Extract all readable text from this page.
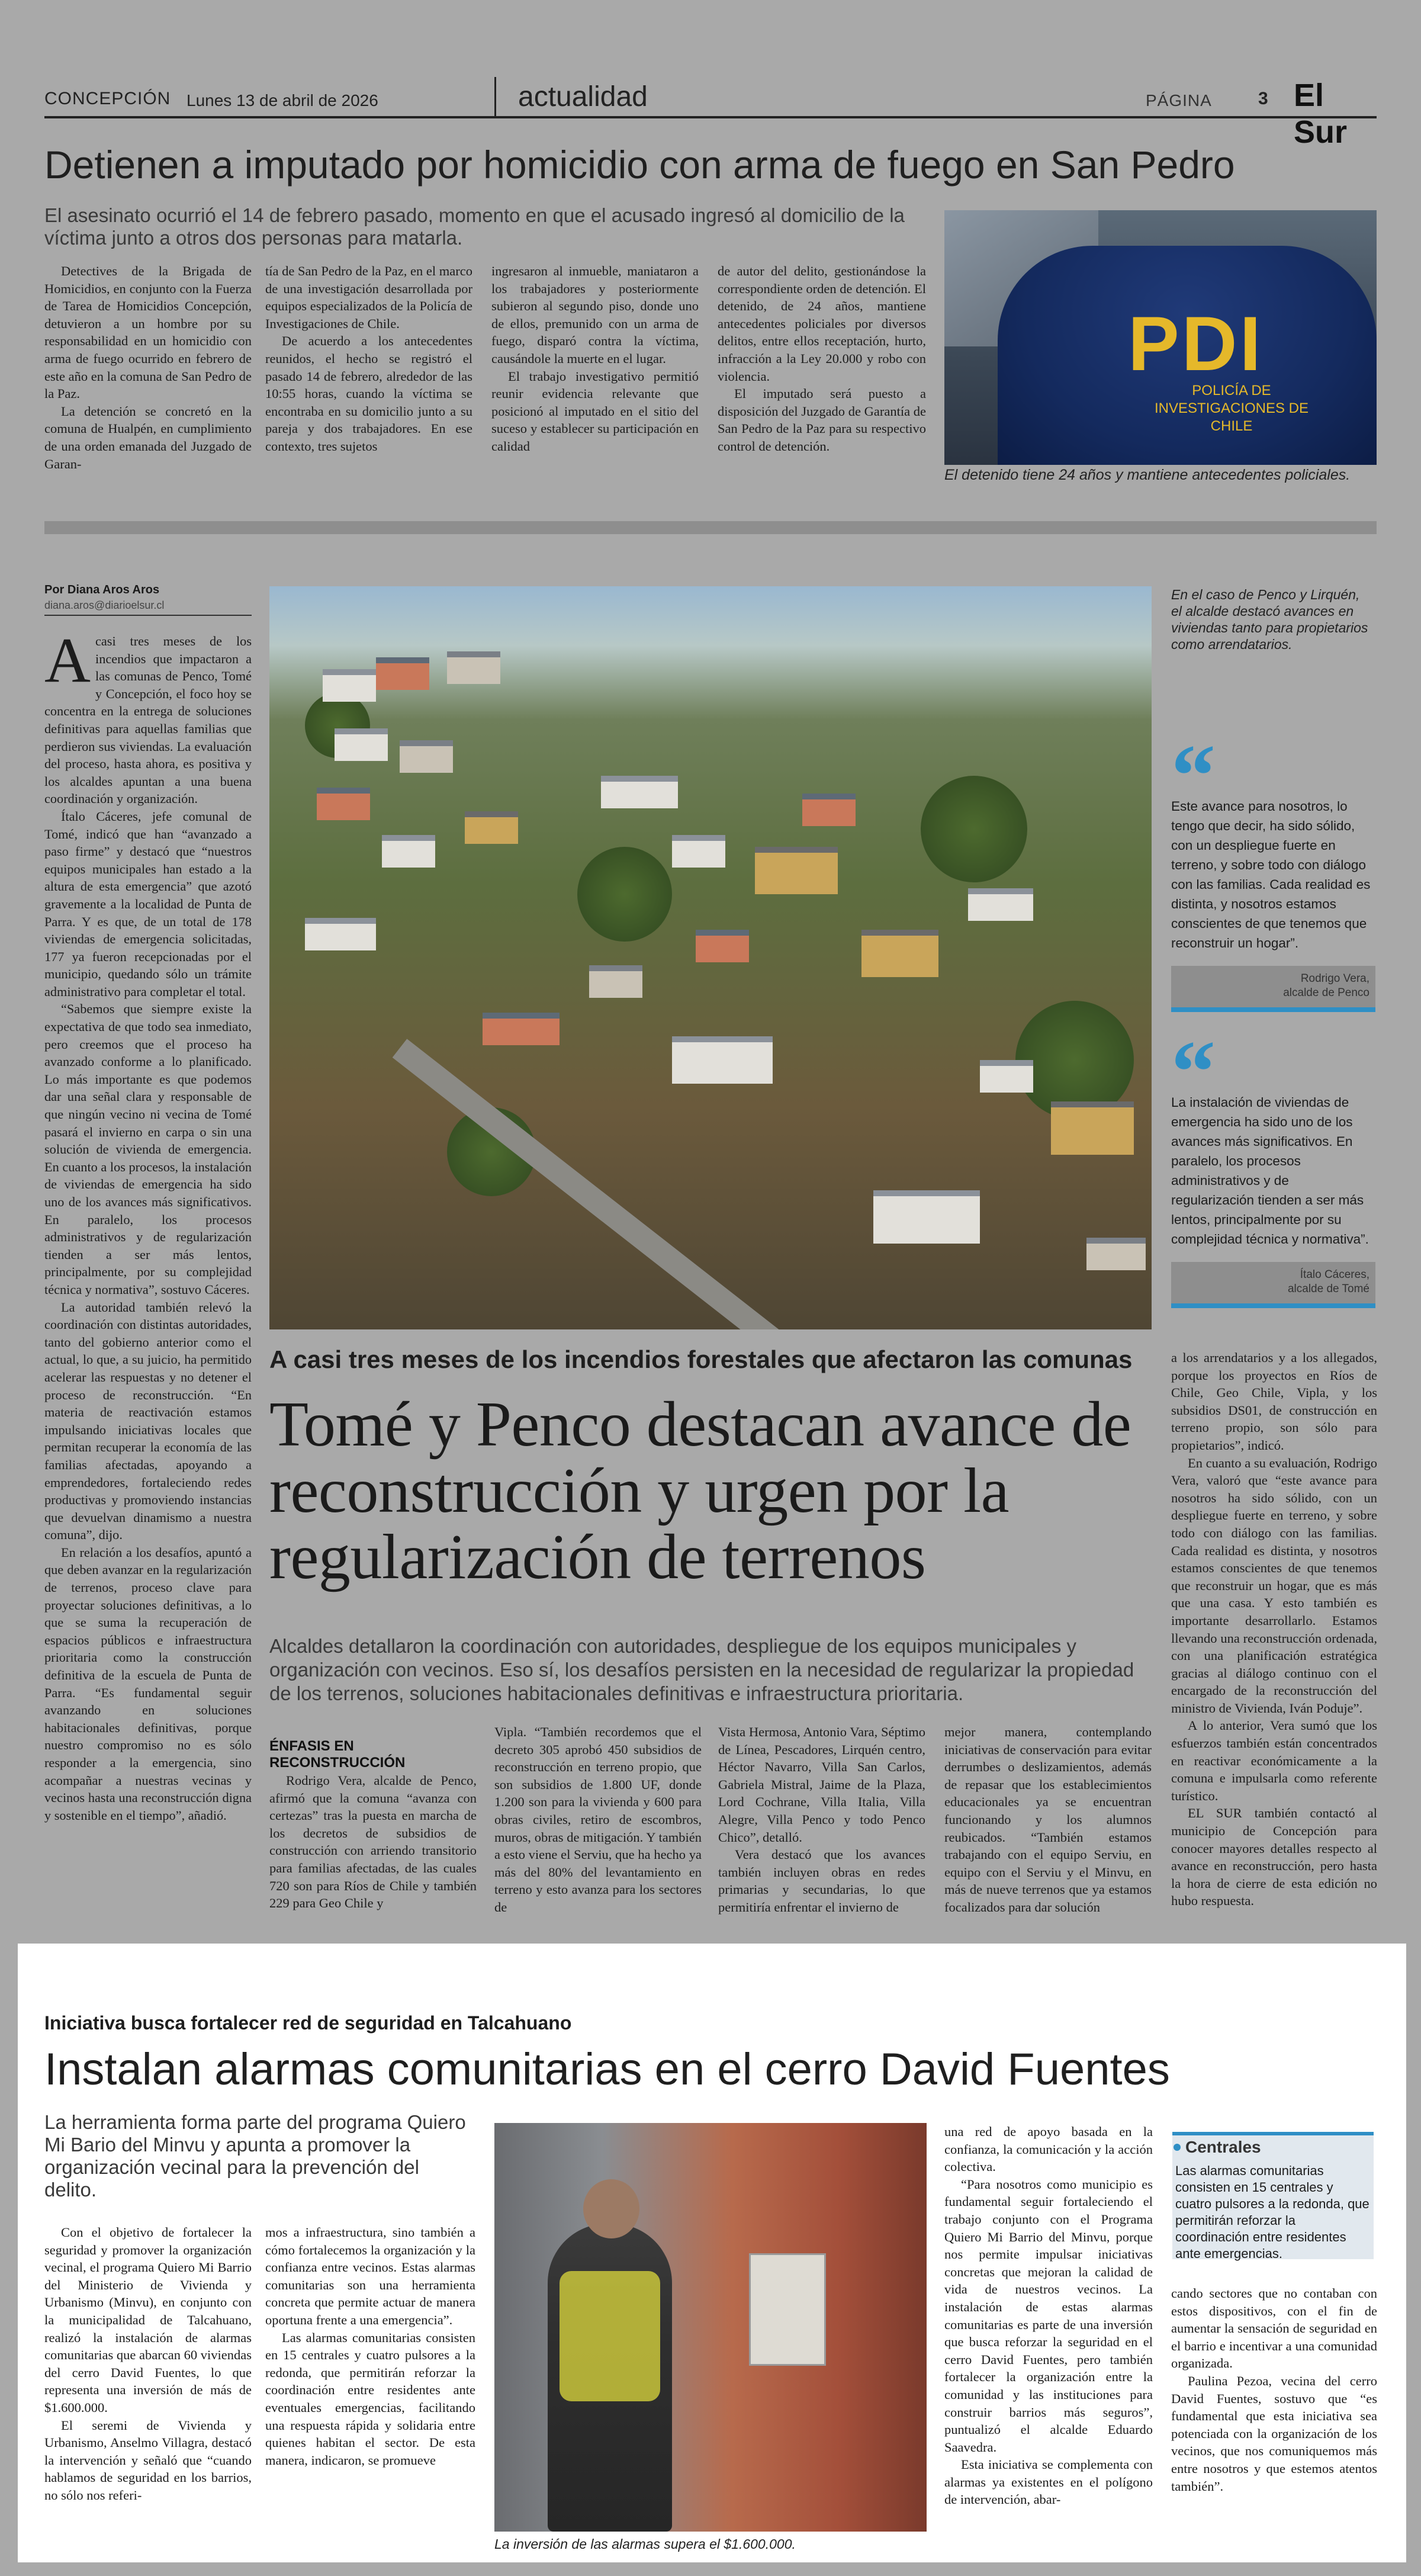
CONCEPCIÓN Lunes 13 de abril de 2026	actualidad	PÁGINA	3 El Sur
Detienen a imputado por homicidio con arma de fuego en San Pedro
El asesinato ocurrió el 14 de febrero pasado, momento en que el acusado ingresó al domicilio de la víctima junto a otros dos personas para matarla.

Detectives de la Brigada de Homicidios, en conjunto con la Fuerza de Tarea de Homicidios Concepción, detuvieron a un hombre por su responsabilidad en un homicidio con arma de fuego ocurrido en febrero de este año en la comuna de San Pedro de la Paz.

La detención se concretó en la comuna de Hualpén, en cumplimiento de una orden emanada del Juzgado de Garan-

tía de San Pedro de la Paz, en el marco de una investigación desarrollada por equipos especializados de la Policía de Investigaciones de Chile.

De acuerdo a los antecedentes reunidos, el hecho se registró el pasado 14 de febrero, alrededor de las 10:55 horas, cuando la víctima se encontraba en su domicilio junto a su pareja y dos trabajadores. En ese contexto, tres sujetos

ingresaron al inmueble, maniataron a los trabajadores y posteriormente subieron al segundo piso, donde uno de ellos, premunido con un arma de fuego, disparó contra la víctima, causándole la muerte en el lugar.

El trabajo investigativo permitió reunir evidencia relevante que posicionó al imputado en el sitio del suceso y establecer su participación en calidad

de autor del delito, gestionándose la correspondiente orden de detención. El detenido, de 24 años, mantiene antecedentes policiales por diversos delitos, entre ellos receptación, hurto, infracción a la Ley 20.000 y robo con violencia.

El imputado será puesto a disposición del Juzgado de Garantía de San Pedro de la Paz para su respectivo control de detención.

PDI
POLICÍA DE INVESTIGACIONES DE CHILE
El detenido tiene 24 años y mantiene antecedentes policiales.
Por Diana Aros Aros
diana.aros@diarioelsur.cl

Acasi tres meses de los incendios que impactaron a las comunas de Penco, Tomé y Concepción, el foco hoy se concentra en la entrega de soluciones definitivas para aquellas familias que perdieron sus viviendas. La evaluación del proceso, hasta ahora, es positiva y los alcaldes apuntan a una buena coordinación y organización.

Ítalo Cáceres, jefe comunal de Tomé, indicó que han “avanzado a paso firme” y destacó que “nuestros equipos municipales han estado a la altura de esta emergencia” que azotó gravemente a la localidad de Punta de Parra. Y es que, de un total de 178 viviendas de emergencia solicitadas, 177 ya fueron recepcionadas por el municipio, quedando sólo un trámite administrativo para completar el total.

“Sabemos que siempre existe la expectativa de que todo sea inmediato, pero creemos que el proceso ha avanzado conforme a lo planificado. Lo más importante es que podemos dar una señal clara y responsable de que ningún vecino ni vecina de Tomé pasará el invierno en carpa o sin una solución de vivienda de emergencia. En cuanto a los procesos, la instalación de viviendas de emergencia ha sido uno de los avances más significativos. En paralelo, los procesos administrativos y de regularización tienden a ser más lentos, principalmente, por su complejidad técnica y normativa”, sostuvo Cáceres.

La autoridad también relevó la coordinación con distintas autoridades, tanto del gobierno anterior como el actual, lo que, a su juicio, ha permitido acelerar las respuestas y no detener el proceso de reconstrucción. “En materia de reactivación estamos impulsando iniciativas locales que permitan recuperar la economía de las familias afectadas, apoyando a emprendedores, fortaleciendo redes productivas y promoviendo instancias que devuelvan dinamismo a nuestra comuna”, dijo.

En relación a los desafíos, apuntó a que deben avanzar en la regularización de terrenos, proceso clave para proyectar soluciones definitivas, a lo que se suma la recuperación de espacios públicos e infraestructura prioritaria como la construcción definitiva de la escuela de Punta de Parra. “Es fundamental seguir avanzando en soluciones habitacionales definitivas, porque nuestro compromiso no es sólo responder a la emergencia, sino acompañar a nuestras vecinas y vecinos hasta una reconstrucción digna y sostenible en el tiempo”, añadió.

En el caso de Penco y Lirquén, el alcalde destacó avances en viviendas tanto para propietarios como arrendatarios.
“
Este avance para nosotros, lo tengo que decir, ha sido sólido, con un despliegue fuerte en terreno, y sobre todo con diálogo con las familias. Cada realidad es distinta, y nosotros estamos conscientes de que tenemos que reconstruir un hogar”.
Rodrigo Vera,
alcalde de Penco
“
La instalación de viviendas de emergencia ha sido uno de los avances más significativos. En paralelo, los procesos administrativos y de regularización tienden a ser más lentos, principalmente por su complejidad técnica y normativa”.
Ítalo Cáceres,
alcalde de Tomé
A casi tres meses de los incendios forestales que afectaron las comunas
Tomé y Penco destacan avance de reconstrucción y urgen por la regularización de terrenos
Alcaldes detallaron la coordinación con autoridades, despliegue de los equipos municipales y organización con vecinos. Eso sí, los desafíos persisten en la necesidad de regularizar la propiedad de los terrenos, soluciones habitacionales definitivas e infraestructura prioritaria.
ÉNFASIS EN RECONSTRUCCIÓN

Rodrigo Vera, alcalde de Penco, afirmó que la comuna “avanza con certezas” tras la puesta en marcha de los decretos de subsidios de construcción con arriendo transitorio para familias afectadas, de las cuales 720 son para Ríos de Chile y también 229 para Geo Chile y

Vipla. “También recordemos que el decreto 305 aprobó 450 subsidios de reconstrucción en terreno propio, que son subsidios de 1.800 UF, donde 1.200 son para la vivienda y 600 para obras civiles, retiro de escombros, muros, obras de mitigación. Y también a esto viene el Serviu, que ha hecho ya más del 80% del levantamiento en terreno y esto avanza para los sectores de

Vista Hermosa, Antonio Vara, Séptimo de Línea, Pescadores, Lirquén centro, Héctor Navarro, Villa San Carlos, Gabriela Mistral, Jaime de la Plaza, Lord Cochrane, Villa Italia, Villa Alegre, Villa Penco y todo Penco Chico”, detalló.

Vera destacó que los avances también incluyen obras en redes primarias y secundarias, lo que permitiría enfrentar el invierno de

mejor manera, contemplando iniciativas de conservación para evitar derrumbes o deslizamientos, además de repasar que los establecimientos educacionales ya se encuentran funcionando y los alumnos reubicados. “También estamos trabajando con el equipo Serviu, en equipo con el Serviu y el Minvu, en más de nueve terrenos que ya estamos focalizados para dar solución

a los arrendatarios y a los allegados, porque los proyectos en Ríos de Chile, Geo Chile, Vipla, y los subsidios DS01, de construcción en terreno propio, son sólo para propietarios”, indicó.

En cuanto a su evaluación, Rodrigo Vera, valoró que “este avance para nosotros ha sido sólido, con un despliegue fuerte en terreno, y sobre todo con diálogo con las familias. Cada realidad es distinta, y nosotros estamos conscientes de que tenemos que reconstruir un hogar, que es más que una casa. Y esto también es importante desarrollarlo. Estamos llevando una reconstrucción ordenada, con una planificación estratégica gracias al diálogo continuo con el encargado de la reconstrucción del ministro de Vivienda, Iván Poduje”.

A lo anterior, Vera sumó que los esfuerzos también están concentrados en reactivar económicamente a la comuna e impulsarla como referente turístico.

EL SUR también contactó al municipio de Concepción para conocer mayores detalles respecto al avance en reconstrucción, pero hasta la hora de cierre de esta edición no hubo respuesta.

Iniciativa busca fortalecer red de seguridad en Talcahuano
Instalan alarmas comunitarias en el cerro David Fuentes
La herramienta forma parte del programa Quiero Mi Bario del Minvu y apunta a promover la organización vecinal para la prevención del delito.

Con el objetivo de fortalecer la seguridad y promover la organización vecinal, el programa Quiero Mi Barrio del Ministerio de Vivienda y Urbanismo (Minvu), en conjunto con la municipalidad de Talcahuano, realizó la instalación de alarmas comunitarias que abarcan 60 viviendas del cerro David Fuentes, lo que representa una inversión de más de $1.600.000.

El seremi de Vivienda y Urbanismo, Anselmo Villagra, destacó la intervención y señaló que “cuando hablamos de seguridad en los barrios, no sólo nos referi-

mos a infraestructura, sino también a cómo fortalecemos la organización y la confianza entre vecinos. Estas alarmas comunitarias son una herramienta concreta que permite actuar de manera oportuna frente a una emergencia”.

Las alarmas comunitarias consisten en 15 centrales y cuatro pulsores a la redonda, que permitirán reforzar la coordinación entre residentes ante eventuales emergencias, facilitando una respuesta rápida y solidaria entre quienes habitan el sector. De esta manera, indicaron, se promueve

La inversión de las alarmas supera el $1.600.000.

una red de apoyo basada en la confianza, la comunicación y la acción colectiva.

“Para nosotros como municipio es fundamental seguir fortaleciendo el trabajo conjunto con el Programa Quiero Mi Barrio del Minvu, porque nos permite impulsar iniciativas concretas que mejoran la calidad de vida de nuestros vecinos. La instalación de estas alarmas comunitarias es parte de una inversión que busca reforzar la seguridad en el cerro David Fuentes, pero también fortalecer la organización entre la comunidad y las instituciones para construir barrios más seguros”, puntualizó el alcalde Eduardo Saavedra.

Esta iniciativa se complementa con alarmas ya existentes en el polígono de intervención, abar-

Centrales
Las alarmas comunitarias consisten en 15 centrales y cuatro pulsores a la redonda, que permitirán reforzar la coordinación entre residentes ante emergencias.

cando sectores que no contaban con estos dispositivos, con el fin de aumentar la sensación de seguridad en el barrio e incentivar a una comunidad organizada.

Paulina Pezoa, vecina del cerro David Fuentes, sostuvo que “es fundamental que esta iniciativa sea potenciada con la organización de los vecinos, que nos comuniquemos más entre nosotros y que estemos atentos también”.
